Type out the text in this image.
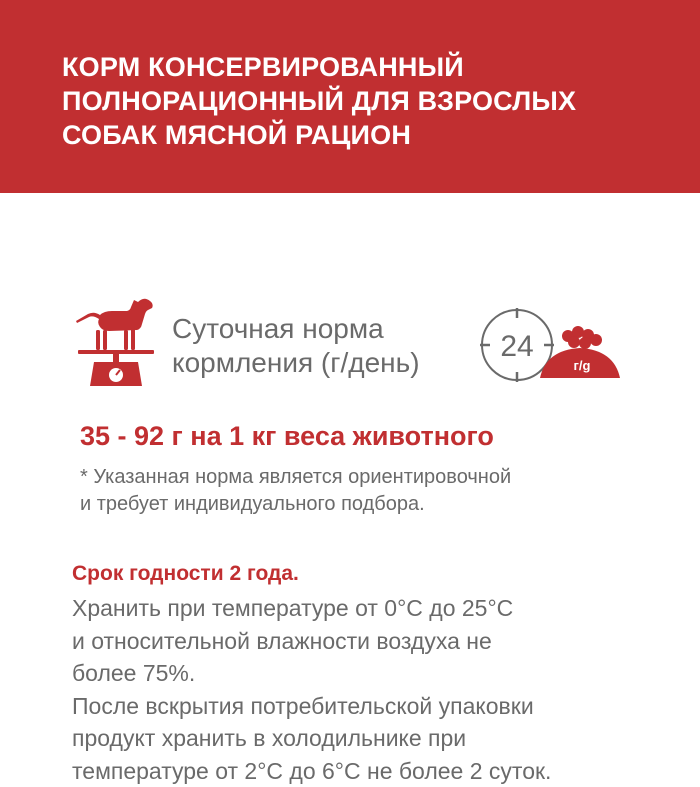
КОРМ КОНСЕРВИРОВАННЫЙ
ПОЛНОРАЦИОННЫЙ ДЛЯ ВЗРОСЛЫХ
СОБАК МЯСНОЙ РАЦИОН
Суточная норма
кормления (г/день)	24
г/g
35 - 92 г на 1 кг веса животного
* Указанная норма является ориентировочной
и требует индивидуального подбора.
Срок годности 2 года.

Хранить при температуре от 0°С до 25°С
и относительной влажности воздуха не
более 75%.

После вскрытия потребительской упаковки
продукт хранить в холодильнике при
температуре от 2°С до 6°С не более 2 суток.
